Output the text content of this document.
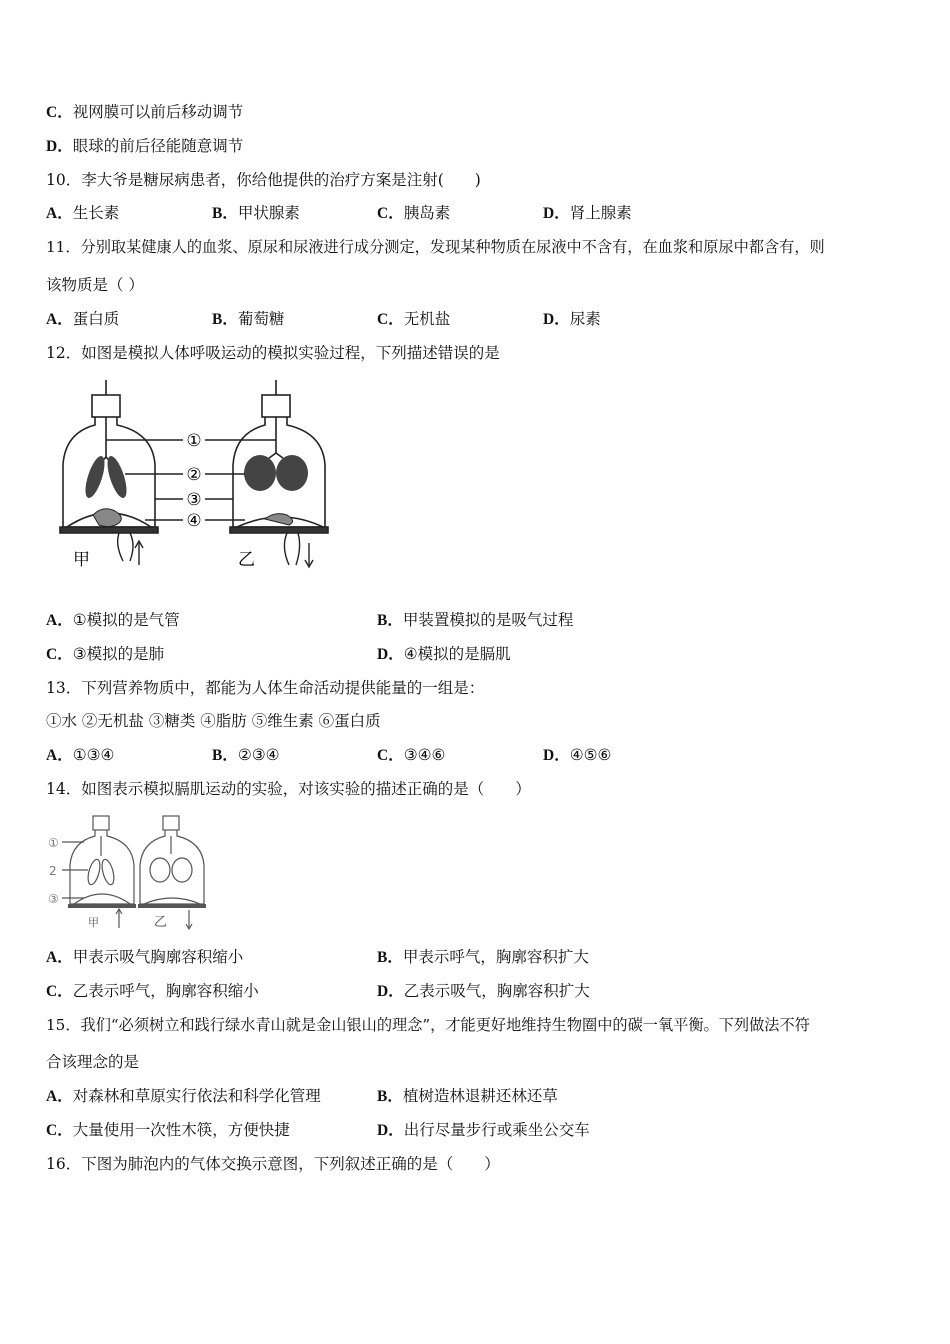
C．视网膜可以前后移动调节
D．眼球的前后径能随意调节
10．李大爷是糖尿病患者，你给他提供的治疗方案是注射(　　)
A．生长素	B．甲状腺素	C．胰岛素	D．肾上腺素
11．分别取某健康人的血浆、原尿和尿液进行成分测定，发现某种物质在尿液中不含有，在血浆和原尿中都含有，则
该物质是（ ）
A．蛋白质	B．葡萄糖	C．无机盐	D．尿素
12．如图是模拟人体呼吸运动的模拟实验过程，下列描述错误的是
①
②
③
④
甲	乙
A．①模拟的是气管	B．甲装置模拟的是吸气过程
C．③模拟的是肺	D．④模拟的是膈肌
13．下列营养物质中，都能为人体生命活动提供能量的一组是：
①水 ②无机盐 ③糖类 ④脂肪 ⑤维生素 ⑥蛋白质
A．①③④	B．②③④	C．③④⑥	D．④⑤⑥
14．如图表示模拟膈肌运动的实验，对该实验的描述正确的是（　　）
①
2
③
甲	乙
A．甲表示吸气胸廓容积缩小	B．甲表示呼气，胸廓容积扩大
C．乙表示呼气，胸廓容积缩小	D．乙表示吸气，胸廓容积扩大
15．我们“必须树立和践行绿水青山就是金山银山的理念”，才能更好地维持生物圈中的碳一氧平衡。下列做法不符
合该理念的是
A．对森林和草原实行依法和科学化管理	B．植树造林退耕还林还草
C．大量使用一次性木筷，方便快捷	D．出行尽量步行或乘坐公交车
16．下图为肺泡内的气体交换示意图，下列叙述正确的是（　　）
